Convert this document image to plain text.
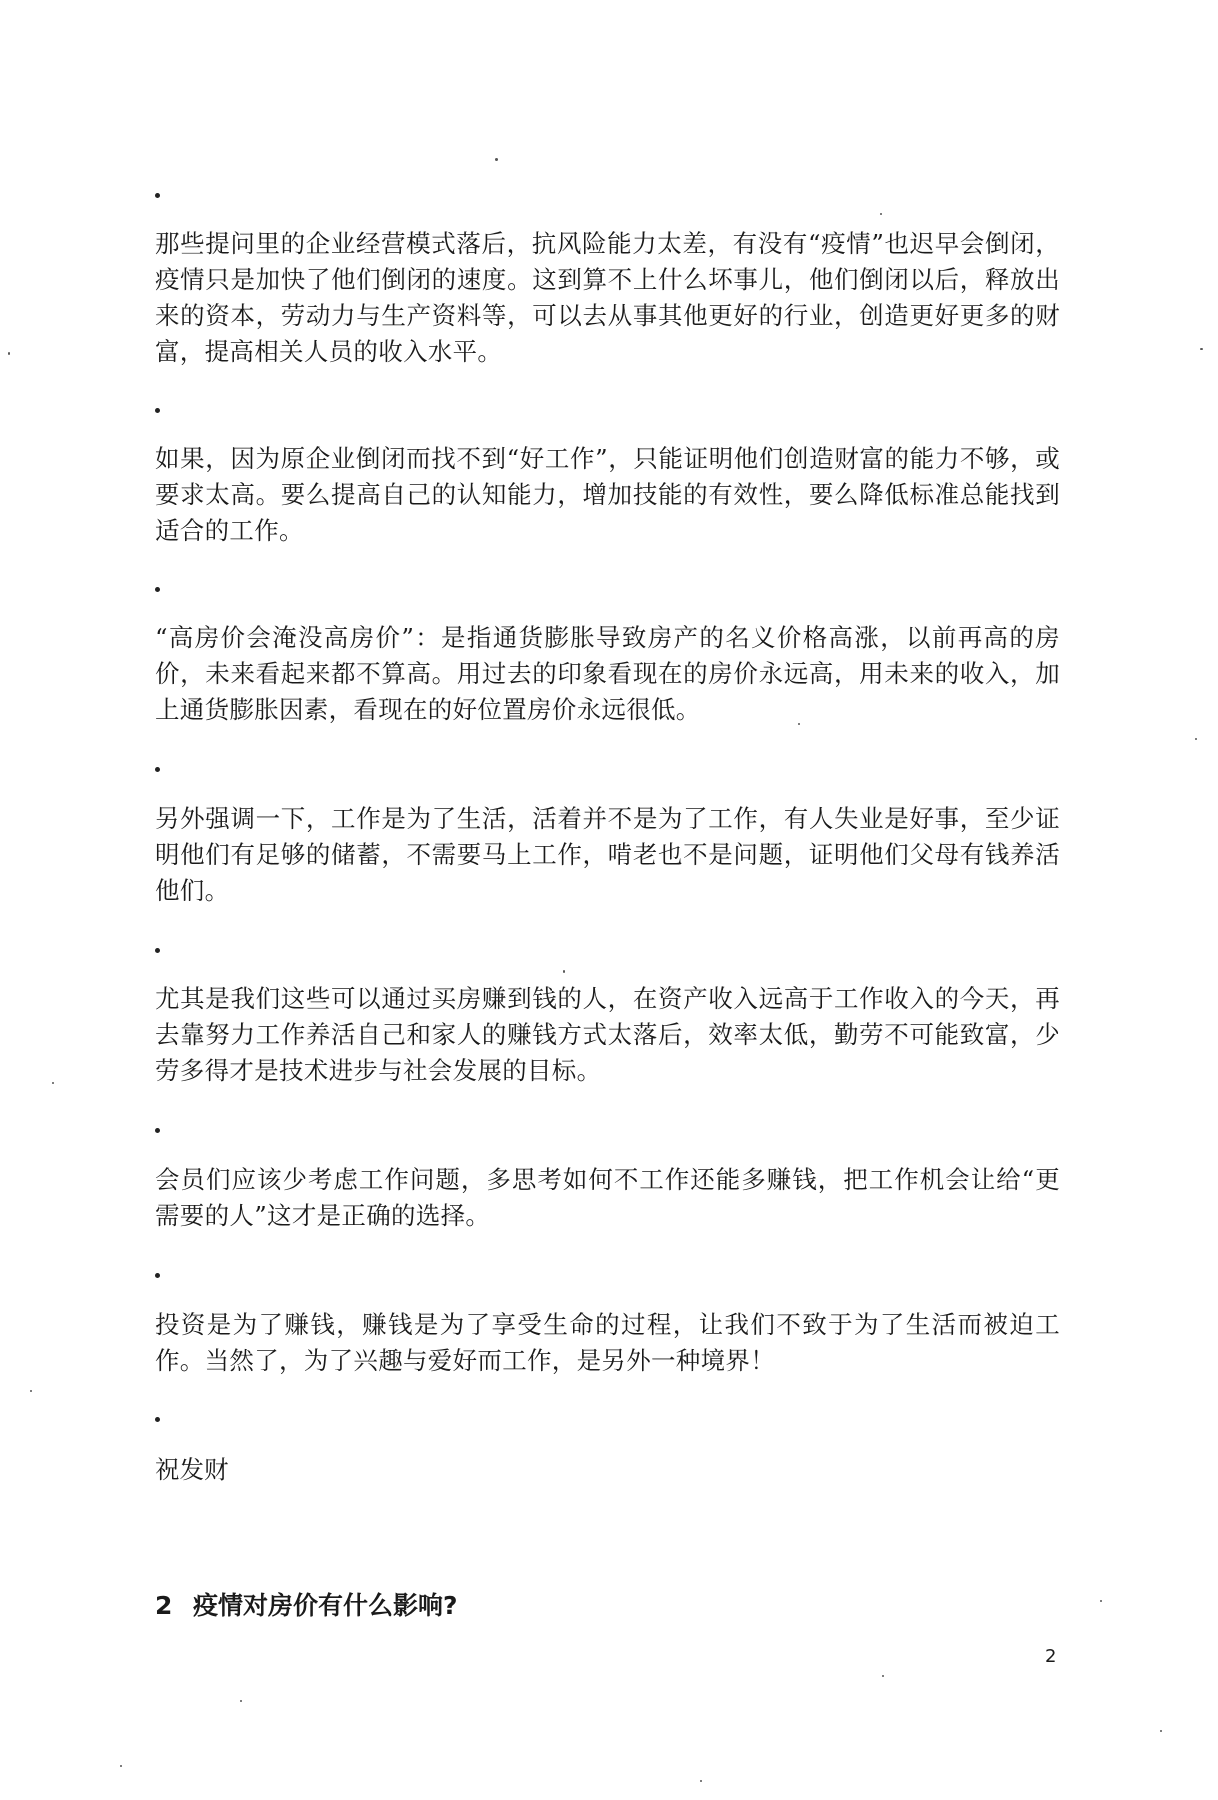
那些提问里的企业经营模式落后，抗风险能力太差，有没有“疫情”也迟早会倒闭，疫情只是加快了他们倒闭的速度。这到算不上什么坏事儿，他们倒闭以后，释放出来的资本，劳动力与生产资料等，可以去从事其他更好的行业，创造更好更多的财富，提高相关人员的收入水平。

如果，因为原企业倒闭而找不到“好工作”，只能证明他们创造财富的能力不够，或要求太高。要么提高自己的认知能力，增加技能的有效性，要么降低标准总能找到适合的工作。

“高房价会淹没高房价”：是指通货膨胀导致房产的名义价格高涨，以前再高的房价，未来看起来都不算高。用过去的印象看现在的房价永远高，用未来的收入，加上通货膨胀因素，看现在的好位置房价永远很低。

另外强调一下，工作是为了生活，活着并不是为了工作，有人失业是好事，至少证明他们有足够的储蓄，不需要马上工作，啃老也不是问题，证明他们父母有钱养活他们。

尤其是我们这些可以通过买房赚到钱的人，在资产收入远高于工作收入的今天，再去靠努力工作养活自己和家人的赚钱方式太落后，效率太低，勤劳不可能致富，少劳多得才是技术进步与社会发展的目标。

会员们应该少考虑工作问题，多思考如何不工作还能多赚钱，把工作机会让给“更需要的人”这才是正确的选择。

投资是为了赚钱，赚钱是为了享受生命的过程，让我们不致于为了生活而被迫工作。当然了，为了兴趣与爱好而工作，是另外一种境界！

祝发财

2 疫情对房价有什么影响?

2
